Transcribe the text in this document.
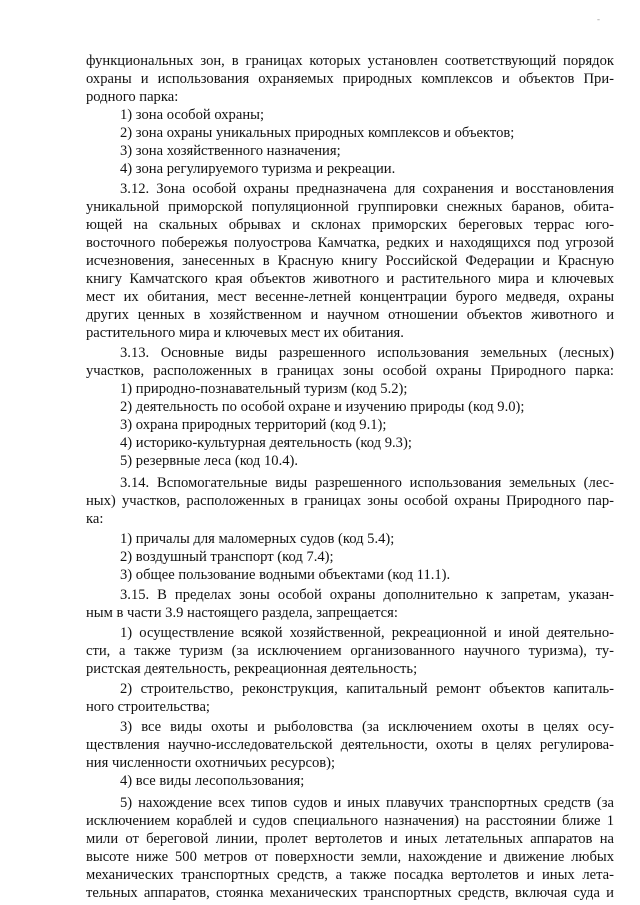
-
функциональных зон, в границах которых установлен соответствующий порядок
охраны и использования охраняемых природных комплексов и объектов При-
родного парка:
1) зона особой охраны;
2) зона охраны уникальных природных комплексов и объектов;
3) зона хозяйственного назначения;
4) зона регулируемого туризма и рекреации.
3.12. Зона особой охраны предназначена для сохранения и восстановления
уникальной приморской популяционной группировки снежных баранов, обита-
ющей на скальных обрывах и склонах приморских береговых террас юго-
восточного побережья полуострова Камчатка, редких и находящихся под угрозой
исчезновения, занесенных в Красную книгу Российской Федерации и Красную
книгу Камчатского края объектов животного и растительного мира и ключевых
мест их обитания, мест весенне-летней концентрации бурого медведя, охраны
других ценных в хозяйственном и научном отношении объектов животного и
растительного мира и ключевых мест их обитания.
3.13. Основные виды разрешенного использования земельных (лесных)
участков, расположенных в границах зоны особой охраны Природного парка:
1) природно-познавательный туризм (код 5.2);
2) деятельность по особой охране и изучению природы (код 9.0);
3) охрана природных территорий (код 9.1);
4) историко-культурная деятельность (код 9.3);
5) резервные леса (код 10.4).
3.14. Вспомогательные виды разрешенного использования земельных (лес-
ных) участков, расположенных в границах зоны особой охраны Природного пар-
ка:
1) причалы для маломерных судов (код 5.4);
2) воздушный транспорт (код 7.4);
3) общее пользование водными объектами (код 11.1).
3.15. В пределах зоны особой охраны дополнительно к запретам, указан-
ным в части 3.9 настоящего раздела, запрещается:
1) осуществление всякой хозяйственной, рекреационной и иной деятельно-
сти, а также туризм (за исключением организованного научного туризма), ту-
ристская деятельность, рекреационная деятельность;
2) строительство, реконструкция, капитальный ремонт объектов капиталь-
ного строительства;
3) все виды охоты и рыболовства (за исключением охоты в целях осу-
ществления научно-исследовательской деятельности, охоты в целях регулирова-
ния численности охотничьих ресурсов);
4) все виды лесопользования;
5) нахождение всех типов судов и иных плавучих транспортных средств (за
исключением кораблей и судов специального назначения) на расстоянии ближе 1
мили от береговой линии, пролет вертолетов и иных летательных аппаратов на
высоте ниже 500 метров от поверхности земли, нахождение и движение любых
механических транспортных средств, а также посадка вертолетов и иных лета-
тельных аппаратов, стоянка механических транспортных средств, включая суда и
